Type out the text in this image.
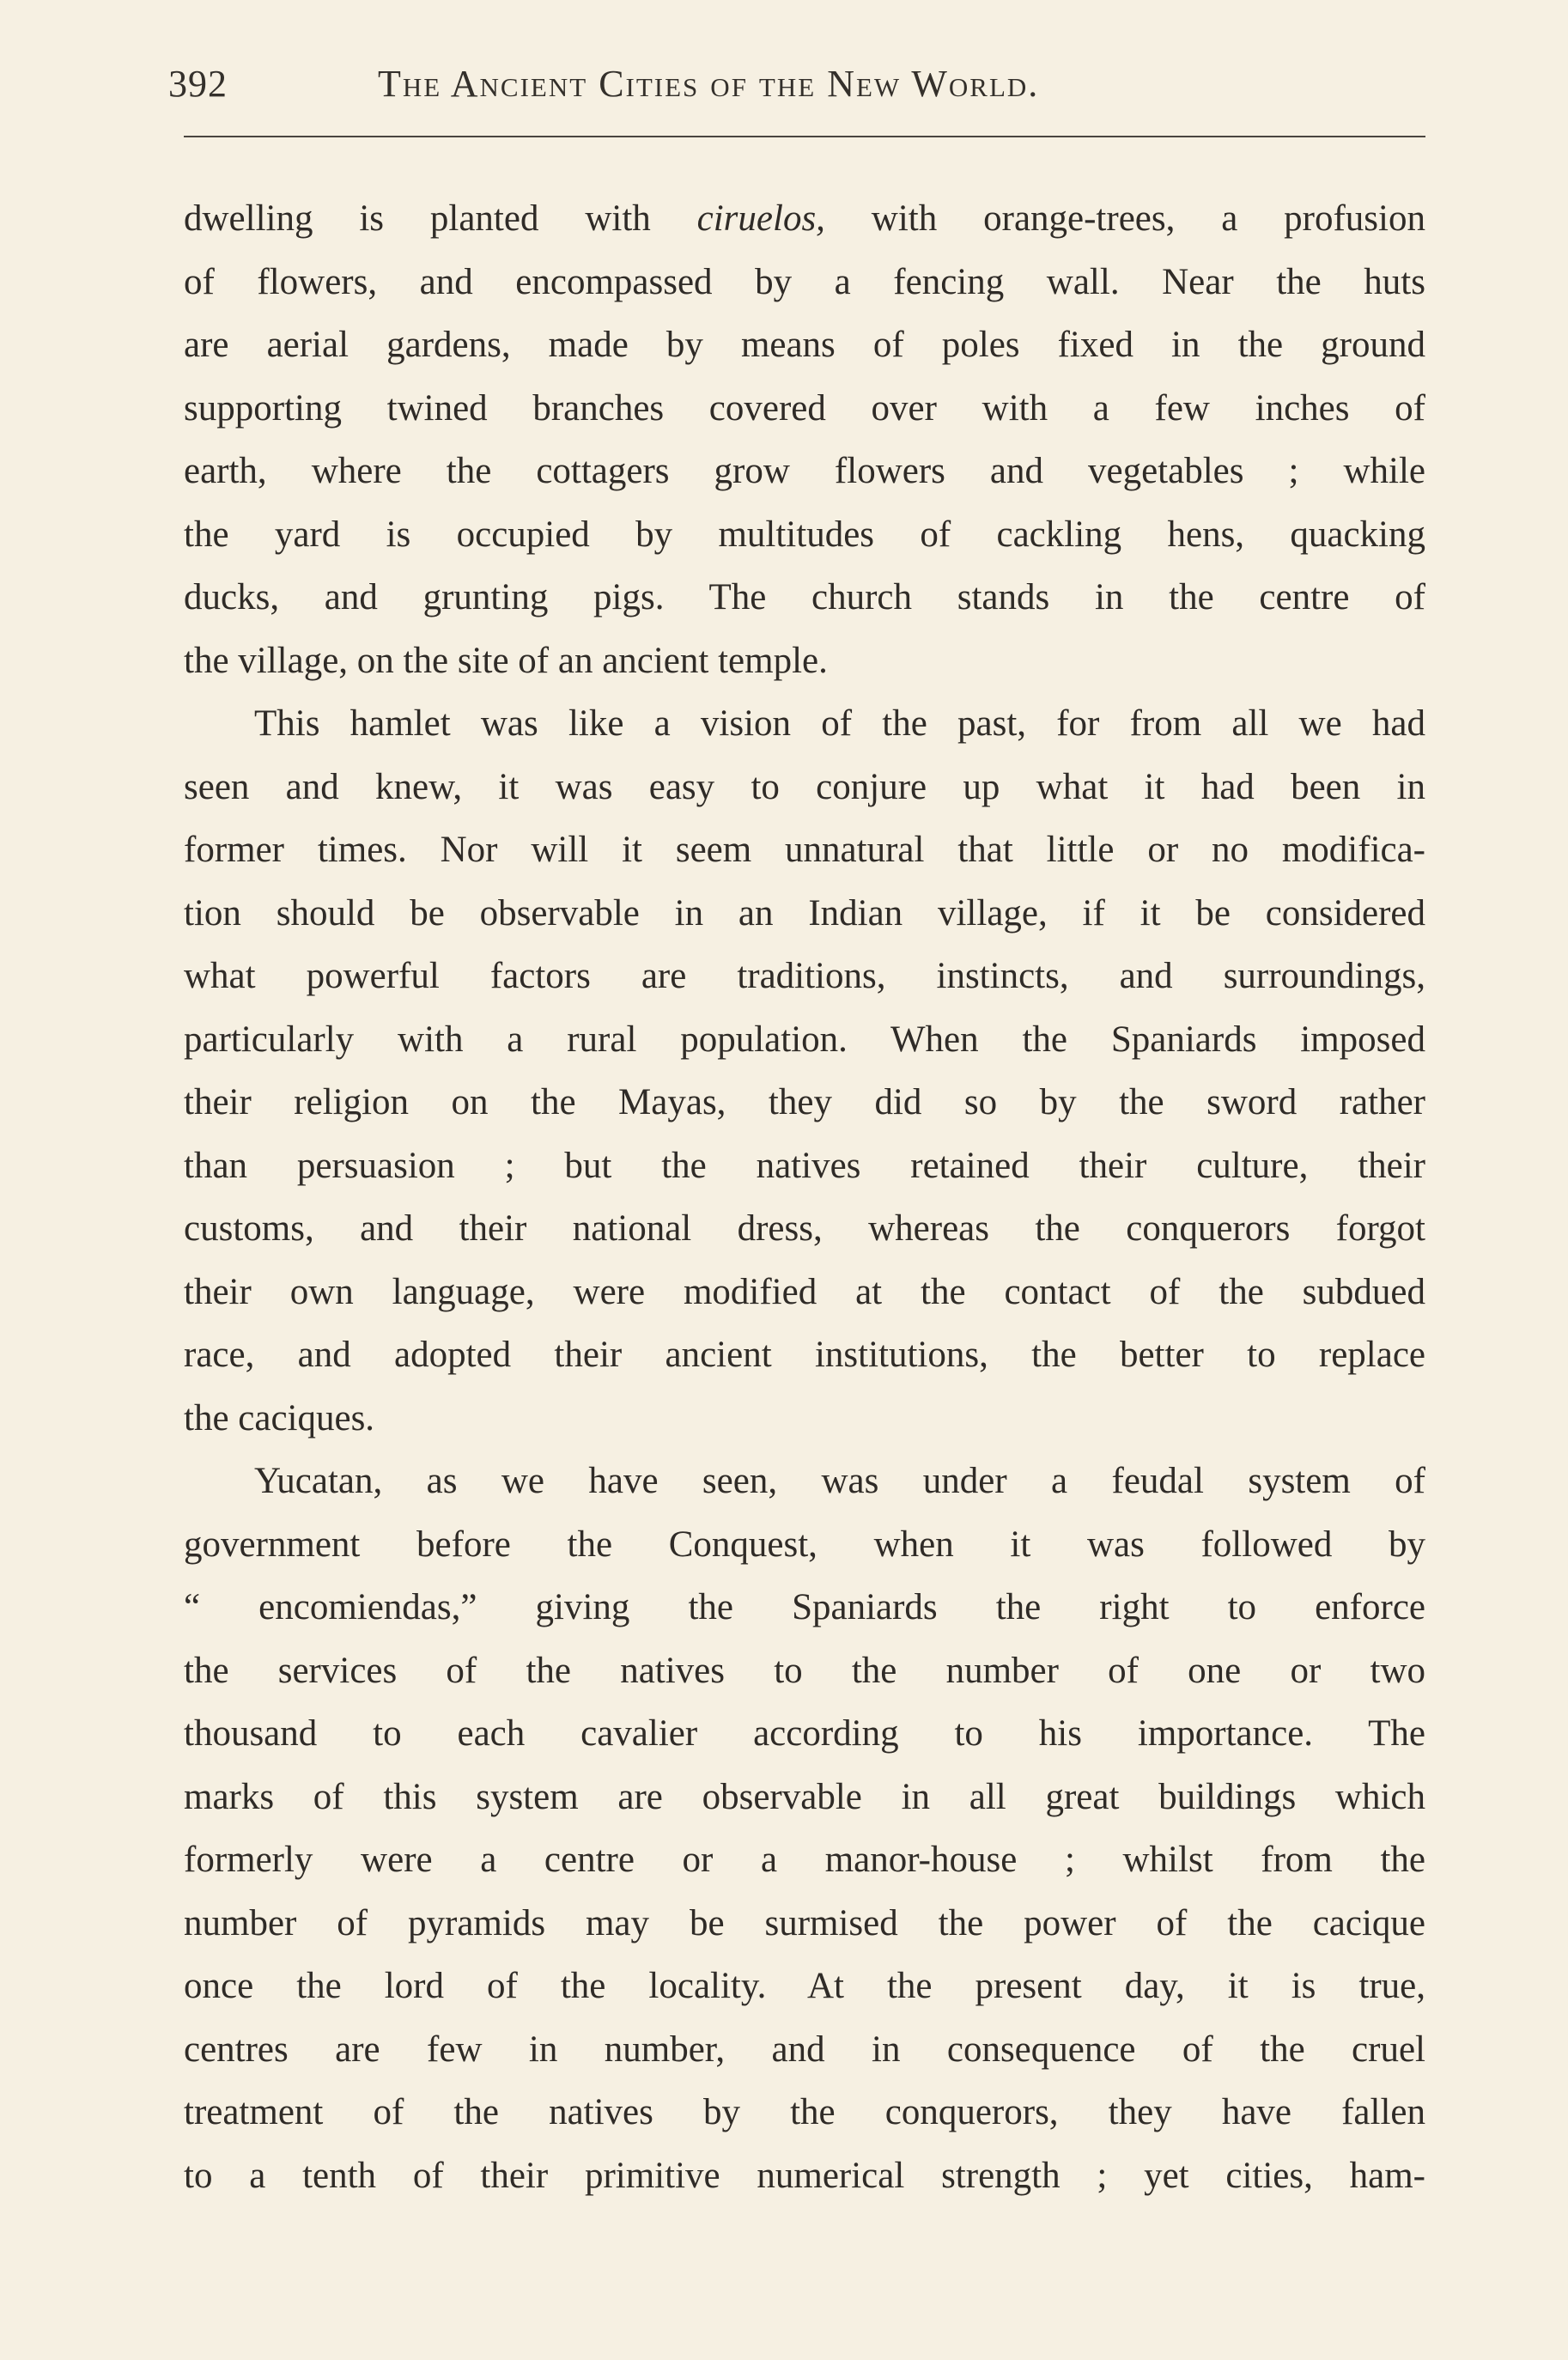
392	The Ancient Cities of the New World.

dwelling is planted with ciruelos, with orange-trees, a profusion

of flowers, and encompassed by a fencing wall. Near the huts

are aerial gardens, made by means of poles fixed in the ground

supporting twined branches covered over with a few inches of

earth, where the cottagers grow flowers and vegetables ; while

the yard is occupied by multitudes of cackling hens, quacking

ducks, and grunting pigs. The church stands in the centre of

the village, on the site of an ancient temple.

This hamlet was like a vision of the past, for from all we had

seen and knew, it was easy to conjure up what it had been in

former times. Nor will it seem unnatural that little or no modifica-

tion should be observable in an Indian village, if it be considered

what powerful factors are traditions, instincts, and surroundings,

particularly with a rural population. When the Spaniards imposed

their religion on the Mayas, they did so by the sword rather

than persuasion ; but the natives retained their culture, their

customs, and their national dress, whereas the conquerors forgot

their own language, were modified at the contact of the subdued

race, and adopted their ancient institutions, the better to replace

the caciques.

Yucatan, as we have seen, was under a feudal system of

government before the Conquest, when it was followed by

“ encomiendas,” giving the Spaniards the right to enforce

the services of the natives to the number of one or two

thousand to each cavalier according to his importance. The

marks of this system are observable in all great buildings which

formerly were a centre or a manor-house ; whilst from the

number of pyramids may be surmised the power of the cacique

once the lord of the locality. At the present day, it is true,

centres are few in number, and in consequence of the cruel

treatment of the natives by the conquerors, they have fallen

to a tenth of their primitive numerical strength ; yet cities, ham-
